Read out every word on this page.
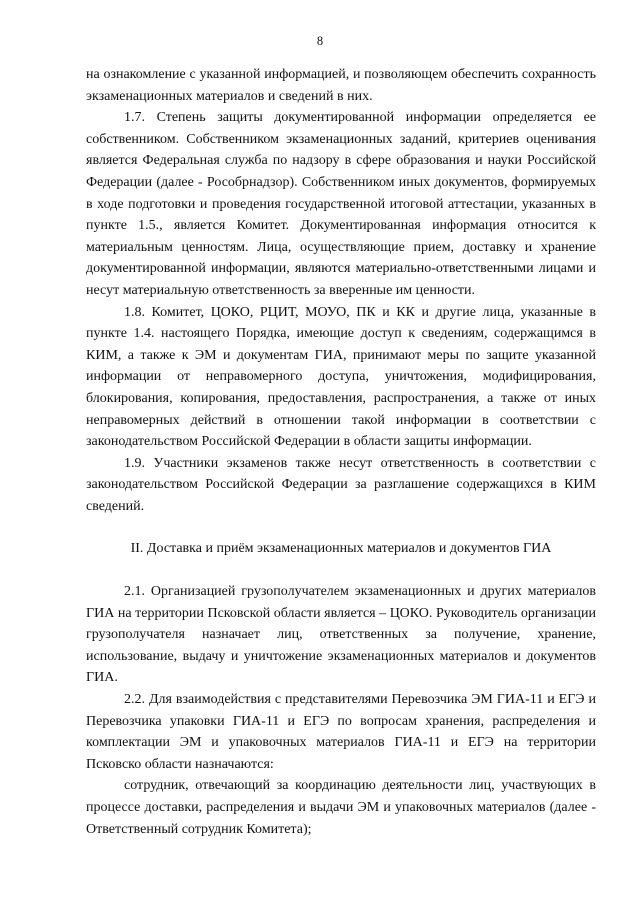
8

на ознакомление с указанной информацией, и позволяющем обеспечить сохранность экзаменационных материалов и сведений в них.

1.7. Степень защиты документированной информации определяется ее собственником. Собственником экзаменационных заданий, критериев оценивания является Федеральная служба по надзору в сфере образования и науки Российской Федерации (далее - Рособрнадзор). Собственником иных документов, формируемых в ходе подготовки и проведения государственной итоговой аттестации, указанных в пункте 1.5., является Комитет. Документированная информация относится к материальным ценностям. Лица, осуществляющие прием, доставку и хранение документированной информации, являются материально-ответственными лицами и несут материальную ответственность за вверенные им ценности.

1.8. Комитет, ЦОКО, РЦИТ, МОУО, ПК и КК и другие лица, указанные в пункте 1.4. настоящего Порядка, имеющие доступ к сведениям, содержащимся в КИМ, а также к ЭМ и документам ГИА, принимают меры по защите указанной информации от неправомерного доступа, уничтожения, модифицирования, блокирования, копирования, предоставления, распространения, а также от иных неправомерных действий в отношении такой информации в соответствии с законодательством Российской Федерации в области защиты информации.

1.9. Участники экзаменов также несут ответственность в соответствии с законодательством Российской Федерации за разглашение содержащихся в КИМ сведений.

II. Доставка и приём экзаменационных материалов и документов ГИА

2.1. Организацией грузополучателем экзаменационных и других материалов ГИА на территории Псковской области является – ЦОКО. Руководитель организации грузополучателя назначает лиц, ответственных за получение, хранение, использование, выдачу и уничтожение экзаменационных материалов и документов ГИА.

2.2. Для взаимодействия с представителями Перевозчика ЭМ ГИА-11 и ЕГЭ и Перевозчика упаковки ГИА-11 и ЕГЭ по вопросам хранения, распределения и комплектации ЭМ и упаковочных материалов ГИА-11 и ЕГЭ на территории Псковско области назначаются:

сотрудник, отвечающий за координацию деятельности лиц, участвующих в процессе доставки, распределения и выдачи ЭМ и упаковочных материалов (далее - Ответственный сотрудник Комитета);
